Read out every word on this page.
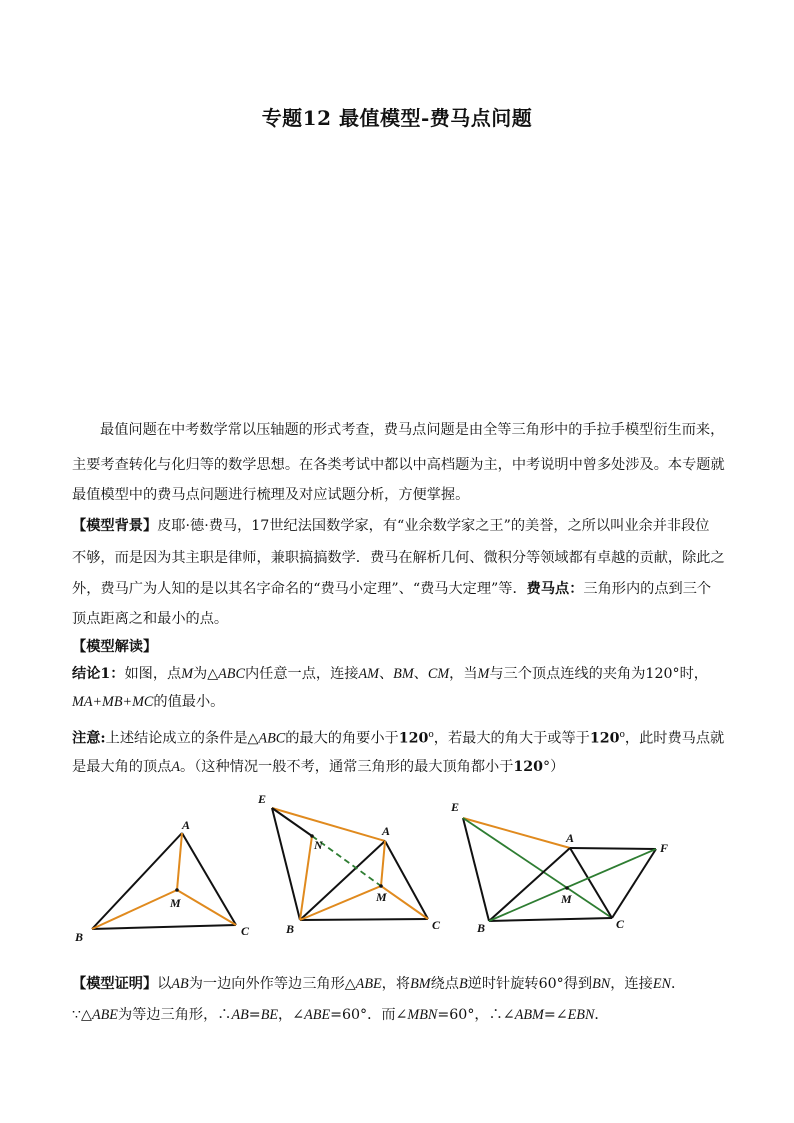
专题12 最值模型-费马点问题
最值问题在中考数学常以压轴题的形式考查，费马点问题是由全等三角形中的手拉手模型衍生而来，
主要考查转化与化归等的数学思想。在各类考试中都以中高档题为主，中考说明中曾多处涉及。本专题就
最值模型中的费马点问题进行梳理及对应试题分析，方便掌握。
【模型背景】皮耶·德·费马，17世纪法国数学家，有“业余数学家之王”的美誉，之所以叫业余并非段位
不够，而是因为其主职是律师，兼职搞搞数学．费马在解析几何、微积分等领域都有卓越的贡献，除此之
外，费马广为人知的是以其名字命名的“费马小定理”、“费马大定理”等．费马点：三角形内的点到三个
顶点距离之和最小的点。
【模型解读】
结论1：如图，点M为△ABC内任意一点，连接AM、BM、CM，当M与三个顶点连线的夹角为120°时，
MA+MB+MC的值最小。
注意:上述结论成立的条件是△ABC的最大的角要小于120$^o$，若最大的角大于或等于120$^o$，此时费马点就
是最大角的顶点A。（这种情况一般不考，通常三角形的最大顶角都小于120°）
A
B	C
M
E
A
N
M
B	C
E
A
F
M
B	C
【模型证明】以AB为一边向外作等边三角形△ABE，将BM绕点B逆时针旋转60°得到BN，连接EN．
∵△ABE为等边三角形，∴AB=BE，∠ABE=60°．而∠MBN=60°，∴∠ABM=∠EBN．
